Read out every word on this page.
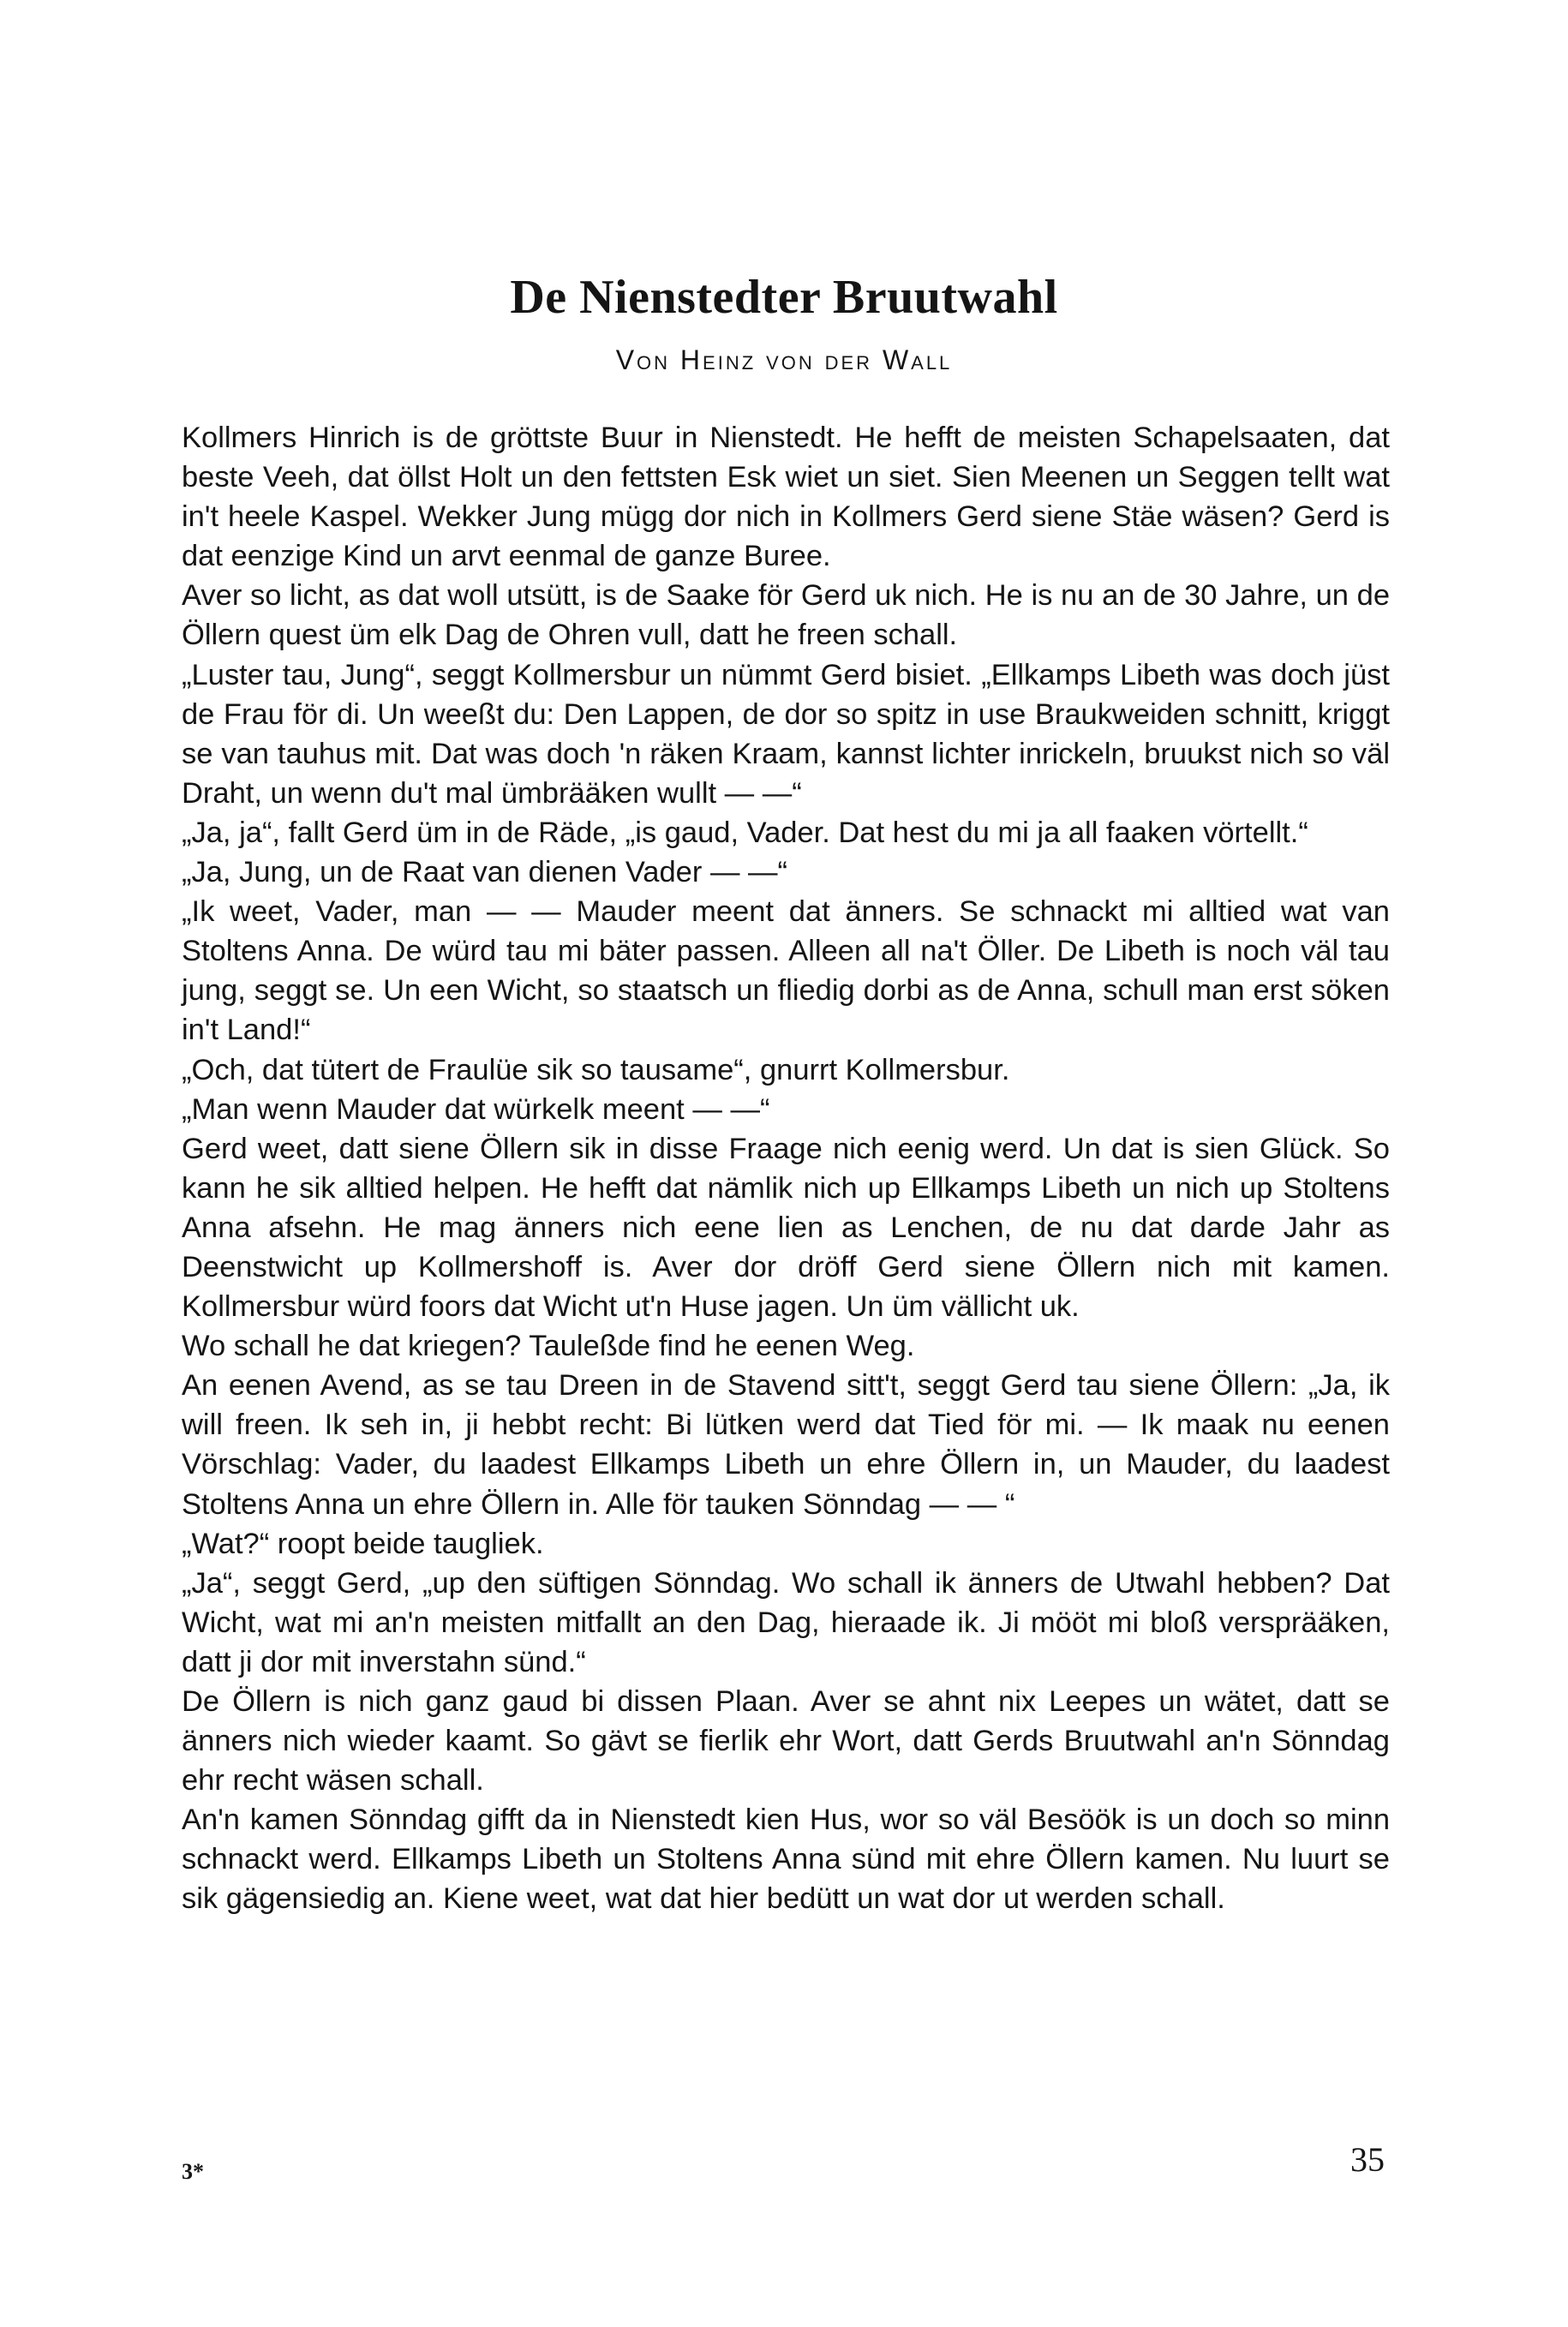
De Nienstedter Bruutwahl
Von Heinz von der Wall

Kollmers Hinrich is de gröttste Buur in Nienstedt. He hefft de meisten Schapelsaaten, dat beste Veeh, dat öllst Holt un den fettsten Esk wiet un siet. Sien Meenen un Seggen tellt wat in't heele Kaspel. Wekker Jung mügg dor nich in Kollmers Gerd siene Stäe wäsen? Gerd is dat eenzige Kind un arvt eenmal de ganze Buree.

Aver so licht, as dat woll utsütt, is de Saake för Gerd uk nich. He is nu an de 30 Jahre, un de Öllern quest üm elk Dag de Ohren vull, datt he freen schall.

„Luster tau, Jung“, seggt Kollmersbur un nümmt Gerd bisiet. „Ellkamps Libeth was doch jüst de Frau för di. Un weeßt du: Den Lappen, de dor so spitz in use Braukweiden schnitt, kriggt se van tauhus mit. Dat was doch 'n räken Kraam, kannst lichter inrickeln, bruukst nich so väl Draht, un wenn du't mal ümbrääken wullt — —“

„Ja, ja“, fallt Gerd üm in de Räde, „is gaud, Vader. Dat hest du mi ja all faaken vörtellt.“

„Ja, Jung, un de Raat van dienen Vader — —“

„Ik weet, Vader, man — — Mauder meent dat änners. Se schnackt mi alltied wat van Stoltens Anna. De würd tau mi bäter passen. Alleen all na't Öller. De Libeth is noch väl tau jung, seggt se. Un een Wicht, so staatsch un fliedig dorbi as de Anna, schull man erst söken in't Land!“

„Och, dat tütert de Fraulüe sik so tausame“, gnurrt Kollmersbur.

„Man wenn Mauder dat würkelk meent — —“

Gerd weet, datt siene Öllern sik in disse Fraage nich eenig werd. Un dat is sien Glück. So kann he sik alltied helpen. He hefft dat nämlik nich up Ellkamps Libeth un nich up Stoltens Anna afsehn. He mag änners nich eene lien as Lenchen, de nu dat darde Jahr as Deenstwicht up Kollmershoff is. Aver dor dröff Gerd siene Öllern nich mit kamen. Kollmersbur würd foors dat Wicht ut'n Huse jagen. Un üm vällicht uk.

Wo schall he dat kriegen? Tauleßde find he eenen Weg.

An eenen Avend, as se tau Dreen in de Stavend sitt't, seggt Gerd tau siene Öllern: „Ja, ik will freen. Ik seh in, ji hebbt recht: Bi lütken werd dat Tied för mi. — Ik maak nu eenen Vörschlag: Vader, du laadest Ellkamps Libeth un ehre Öllern in, un Mauder, du laadest Stoltens Anna un ehre Öllern in. Alle för tauken Sönndag — — “

„Wat?“ roopt beide taugliek.

„Ja“, seggt Gerd, „up den süftigen Sönndag. Wo schall ik änners de Utwahl hebben? Dat Wicht, wat mi an'n meisten mitfallt an den Dag, hieraade ik. Ji mööt mi bloß versprääken, datt ji dor mit inverstahn sünd.“

De Öllern is nich ganz gaud bi dissen Plaan. Aver se ahnt nix Leepes un wätet, datt se änners nich wieder kaamt. So gävt se fierlik ehr Wort, datt Gerds Bruutwahl an'n Sönndag ehr recht wäsen schall.

An'n kamen Sönndag gifft da in Nienstedt kien Hus, wor so väl Besöök is un doch so minn schnackt werd. Ellkamps Libeth un Stoltens Anna sünd mit ehre Öllern kamen. Nu luurt se sik gägensiedig an. Kiene weet, wat dat hier bedütt un wat dor ut werden schall.

3*	35
